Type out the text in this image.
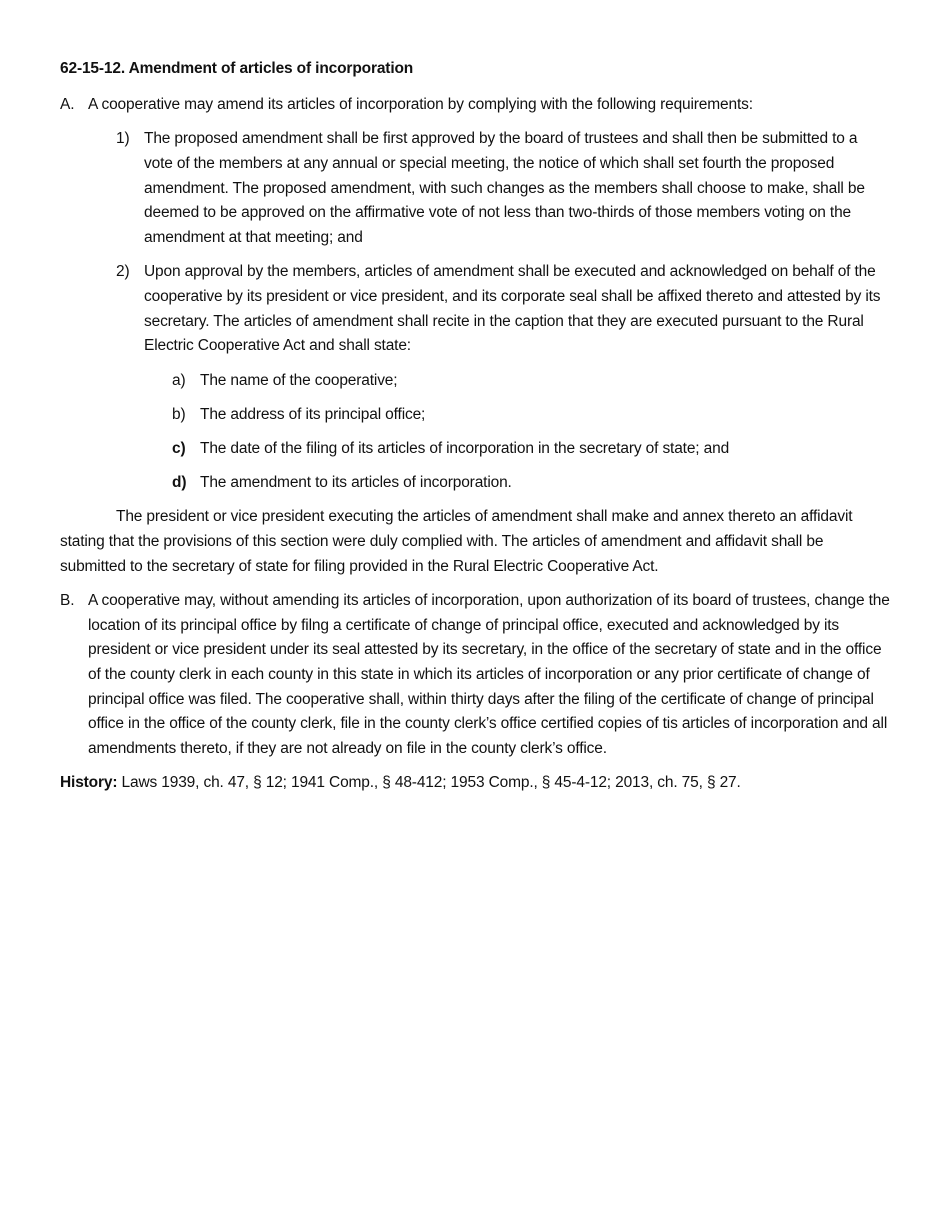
62-15-12. Amendment of articles of incorporation
A. A cooperative may amend its articles of incorporation by complying with the following requirements:
1) The proposed amendment shall be first approved by the board of trustees and shall then be submitted to a vote of the members at any annual or special meeting, the notice of which shall set fourth the proposed amendment. The proposed amendment, with such changes as the members shall choose to make, shall be deemed to be approved on the affirmative vote of not less than two-thirds of those members voting on the amendment at that meeting; and
2) Upon approval by the members, articles of amendment shall be executed and acknowledged on behalf of the cooperative by its president or vice president, and its corporate seal shall be affixed thereto and attested by its secretary. The articles of amendment shall recite in the caption that they are executed pursuant to the Rural Electric Cooperative Act and shall state:
a) The name of the cooperative;
b) The address of its principal office;
c) The date of the filing of its articles of incorporation in the secretary of state; and
d) The amendment to its articles of incorporation.
The president or vice president executing the articles of amendment shall make and annex thereto an affidavit stating that the provisions of this section were duly complied with. The articles of amendment and affidavit shall be submitted to the secretary of state for filing provided in the Rural Electric Cooperative Act.
B. A cooperative may, without amending its articles of incorporation, upon authorization of its board of trustees, change the location of its principal office by filng a certificate of change of principal office, executed and acknowledged by its president or vice president under its seal attested by its secretary, in the office of the secretary of state and in the office of the county clerk in each county in this state in which its articles of incorporation or any prior certificate of change of principal office was filed. The cooperative shall, within thirty days after the filing of the certificate of change of principal office in the office of the county clerk, file in the county clerk’s office certified copies of tis articles of incorporation and all amendments thereto, if they are not already on file in the county clerk’s office.
History: Laws 1939, ch. 47, § 12; 1941 Comp., § 48-412; 1953 Comp., § 45-4-12; 2013, ch. 75, § 27.
